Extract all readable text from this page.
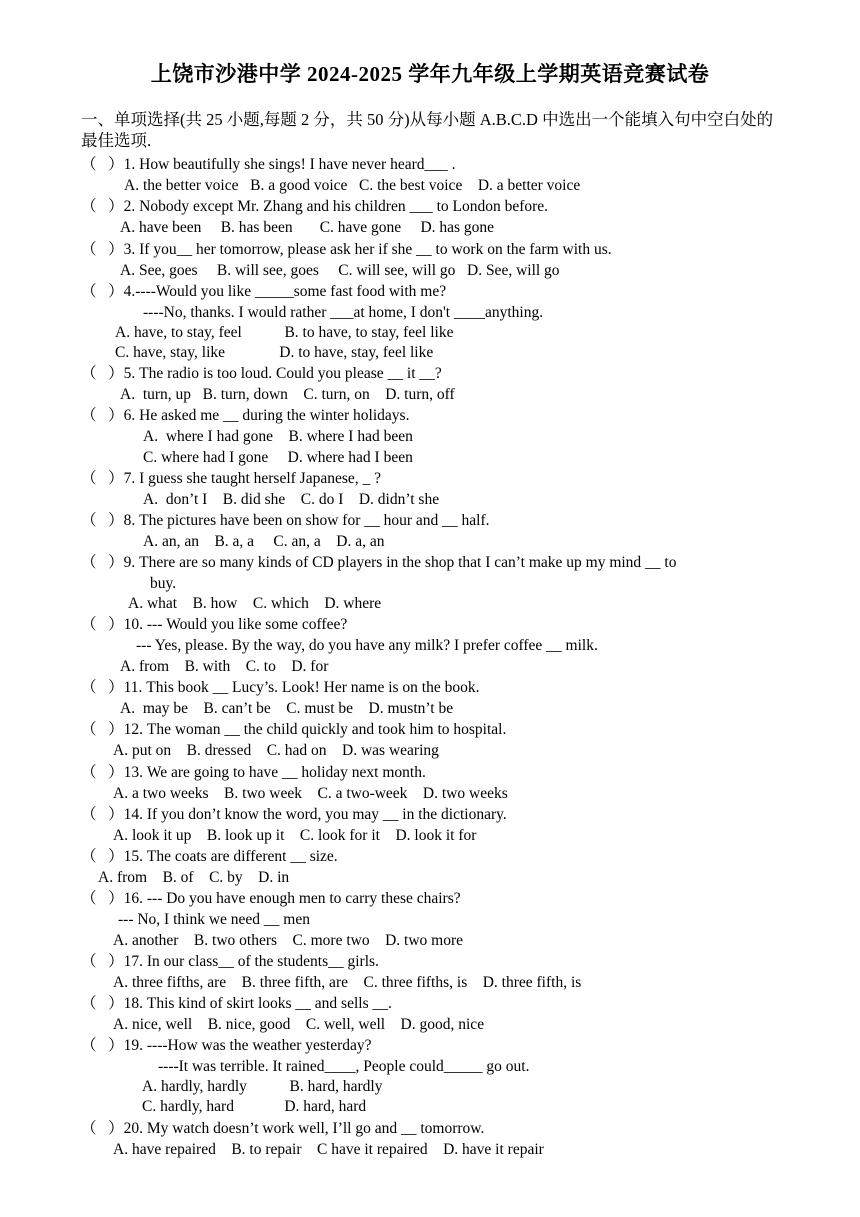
上饶市沙港中学 2024-2025 学年九年级上学期英语竞赛试卷
一、单项选择(共 25 小题,每题 2 分，共 50 分)从每小题 A.B.C.D 中选出一个能填入句中空白处的最佳选项.
（   ）1. How beautifully she sings! I have never heard___ .
A. the better voice   B. a good voice   C. the best voice    D. a better voice
（   ）2. Nobody except Mr. Zhang and his children ___ to London before.
A. have been     B. has been       C. have gone     D. has gone
（   ）3. If you__ her tomorrow, please ask her if she __ to work on the farm with us.
A. See, goes     B. will see, goes     C. will see, will go   D. See, will go
（   ）4.----Would you like _____some fast food with me?
----No, thanks. I would rather ___at home, I don't ____anything.
A. have, to stay, feel           B. to have, to stay, feel like
C. have, stay, like              D. to have, stay, feel like
（   ）5. The radio is too loud. Could you please __ it __?
A.  turn, up   B. turn, down    C. turn, on    D. turn, off
（   ）6. He asked me __ during the winter holidays.
A.  where I had gone    B. where I had been
C. where had I gone     D. where had I been
（   ）7. I guess she taught herself Japanese, _ ?
A.  don’t I    B. did she    C. do I    D. didn’t she
（   ）8. The pictures have been on show for __ hour and __ half.
A. an, an    B. a, a     C. an, a    D. a, an
（   ）9. There are so many kinds of CD players in the shop that I can’t make up my mind __ to
buy.
A. what    B. how    C. which    D. where
（   ）10. --- Would you like some coffee?
--- Yes, please. By the way, do you have any milk? I prefer coffee __ milk.
A. from    B. with    C. to    D. for
（   ）11. This book __ Lucy’s. Look! Her name is on the book.
A.  may be    B. can’t be    C. must be    D. mustn’t be
（   ）12. The woman __ the child quickly and took him to hospital.
A. put on    B. dressed    C. had on    D. was wearing
（   ）13. We are going to have __ holiday next month.
A. a two weeks    B. two week    C. a two-week    D. two weeks
（   ）14. If you don’t know the word, you may __ in the dictionary.
A. look it up    B. look up it    C. look for it    D. look it for
（   ）15. The coats are different __ size.
A. from    B. of    C. by    D. in
（   ）16. --- Do you have enough men to carry these chairs?
--- No, I think we need __ men
A. another    B. two others    C. more two    D. two more
（   ）17. In our class__ of the students__ girls.
A. three fifths, are    B. three fifth, are    C. three fifths, is    D. three fifth, is
（   ）18. This kind of skirt looks __ and sells __.
A. nice, well    B. nice, good    C. well, well    D. good, nice
（   ）19. ----How was the weather yesterday?
----It was terrible. It rained____, People could_____ go out.
A. hardly, hardly           B. hard, hardly
C. hardly, hard             D. hard, hard
（   ）20. My watch doesn’t work well, I’ll go and __ tomorrow.
A. have repaired    B. to repair    C have it repaired    D. have it repair
